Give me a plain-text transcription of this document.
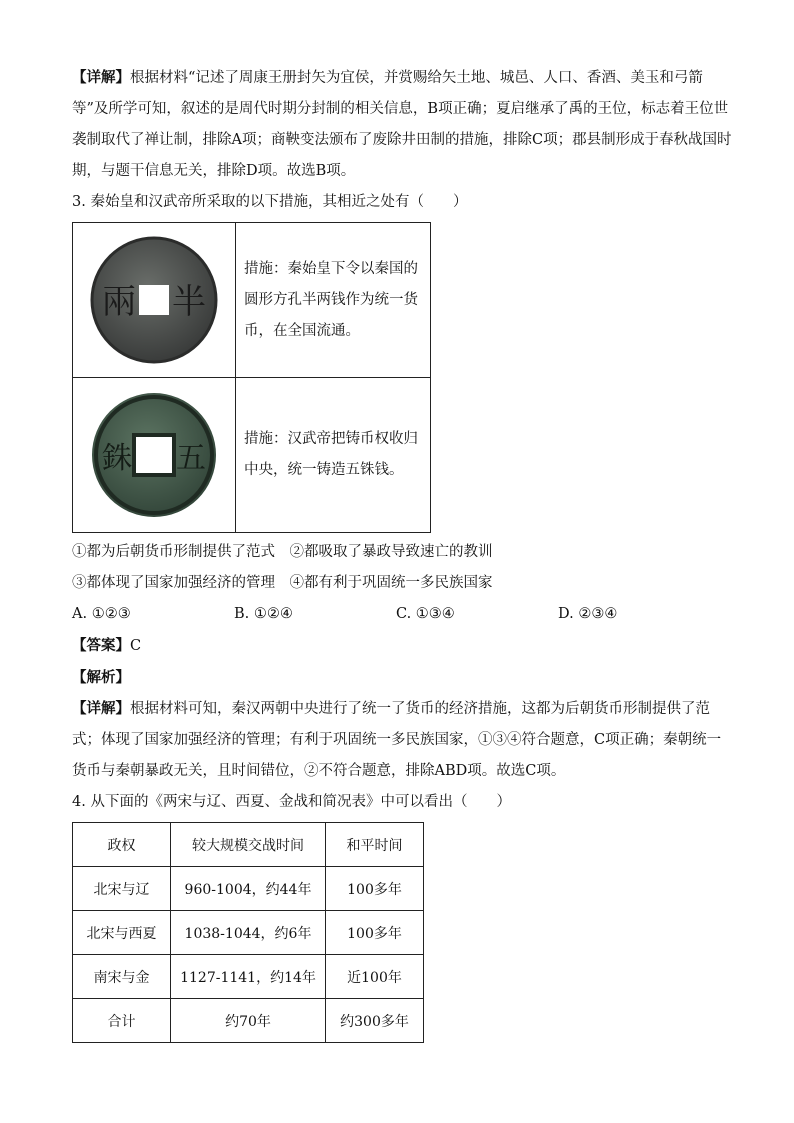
【详解】根据材料“记述了周康王册封矢为宜侯，并赏赐给矢土地、城邑、人口、香酒、美玉和弓箭等”及所学可知，叙述的是周代时期分封制的相关信息，B项正确；夏启继承了禹的王位，标志着王位世袭制取代了禅让制，排除A项；商鞅变法颁布了废除井田制的措施，排除C项；郡县制形成于春秋战国时期，与题干信息无关，排除D项。故选B项。

3. 秦始皇和汉武帝所采取的以下措施，其相近之处有（　　）

兩 半	措施：秦始皇下令以秦国的圆形方孔半两钱作为统一货币，在全国流通。

銖 五	措施：汉武帝把铸币权收归中央，统一铸造五铢钱。

①都为后朝货币形制提供了范式　②都吸取了暴政导致速亡的教训

③都体现了国家加强经济的管理　④都有利于巩固统一多民族国家

A. ①②③	B. ①②④	C. ①③④	D. ②③④

【答案】C

【解析】

【详解】根据材料可知，秦汉两朝中央进行了统一了货币的经济措施，这都为后朝货币形制提供了范式；体现了国家加强经济的管理；有利于巩固统一多民族国家，①③④符合题意，C项正确；秦朝统一货币与秦朝暴政无关，且时间错位，②不符合题意，排除ABD项。故选C项。

4. 从下面的《两宋与辽、西夏、金战和简况表》中可以看出（　　）

政权	较大规模交战时间	和平时间
北宋与辽	960-1004，约44年	100多年
北宋与西夏	1038-1044，约6年	100多年
南宋与金	1127-1141，约14年	近100年
合计	约70年	约300多年
